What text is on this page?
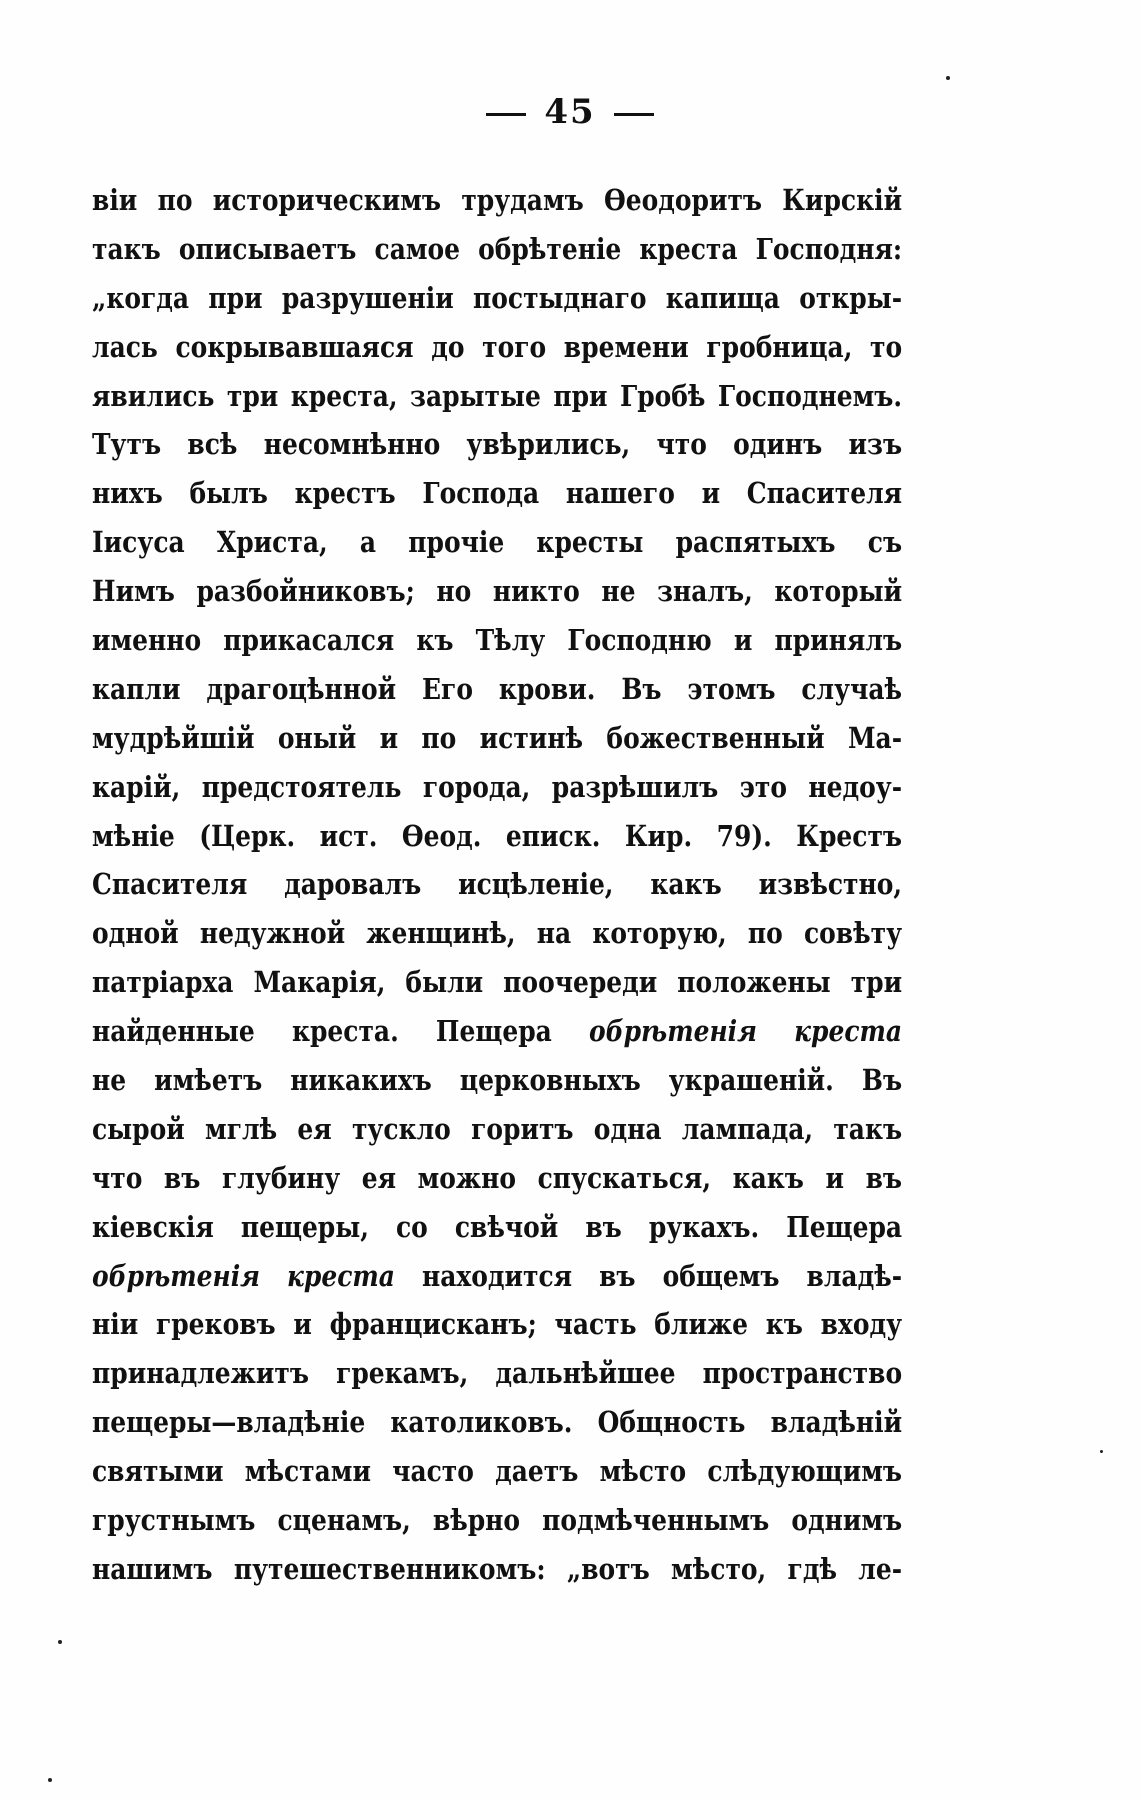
45
віи по историческимъ трудамъ Ѳеодоритъ Кирскій
такъ описываетъ самое обрѣтеніе креста Господня:
„когда при разрушеніи постыднаго капища откры-
лась сокрывавшаяся до того времени гробница, то
явились три креста, зарытые при Гробѣ Господнемъ.
Тутъ всѣ несомнѣнно увѣрились, что одинъ изъ
нихъ былъ крестъ Господа нашего и Спасителя
Іисуса Христа, а прочіе кресты распятыхъ съ
Нимъ разбойниковъ; но никто не зналъ, который
именно прикасался къ Тѣлу Господню и принялъ
капли драгоцѣнной Его крови. Въ этомъ случаѣ
мудрѣйшій оный и по истинѣ божественный Ма-
карій, предстоятель города, разрѣшилъ это недоу-
мѣніе (Церк. ист. Ѳеод. еписк. Кир. 79). Крестъ
Спасителя даровалъ исцѣленіе, какъ извѣстно,
одной недужной женщинѣ, на которую, по совѣту
патріарха Макарія, были поочереди положены три
найденные креста. Пещера обрѣтенія креста
не имѣетъ никакихъ церковныхъ украшеній. Въ
сырой мглѣ ея тускло горитъ одна лампада, такъ
что въ глубину ея можно спускаться, какъ и въ
кіевскія пещеры, со свѣчой въ рукахъ. Пещера
обрѣтенія креста находится въ общемъ владѣ-
ніи грековъ и францисканъ; часть ближе къ входу
принадлежитъ грекамъ, дальнѣйшее пространство
пещеры—владѣніе католиковъ. Общность владѣній
святыми мѣстами часто даетъ мѣсто слѣдующимъ
грустнымъ сценамъ, вѣрно подмѣченнымъ однимъ
нашимъ путешественникомъ: „вотъ мѣсто, гдѣ ле-
